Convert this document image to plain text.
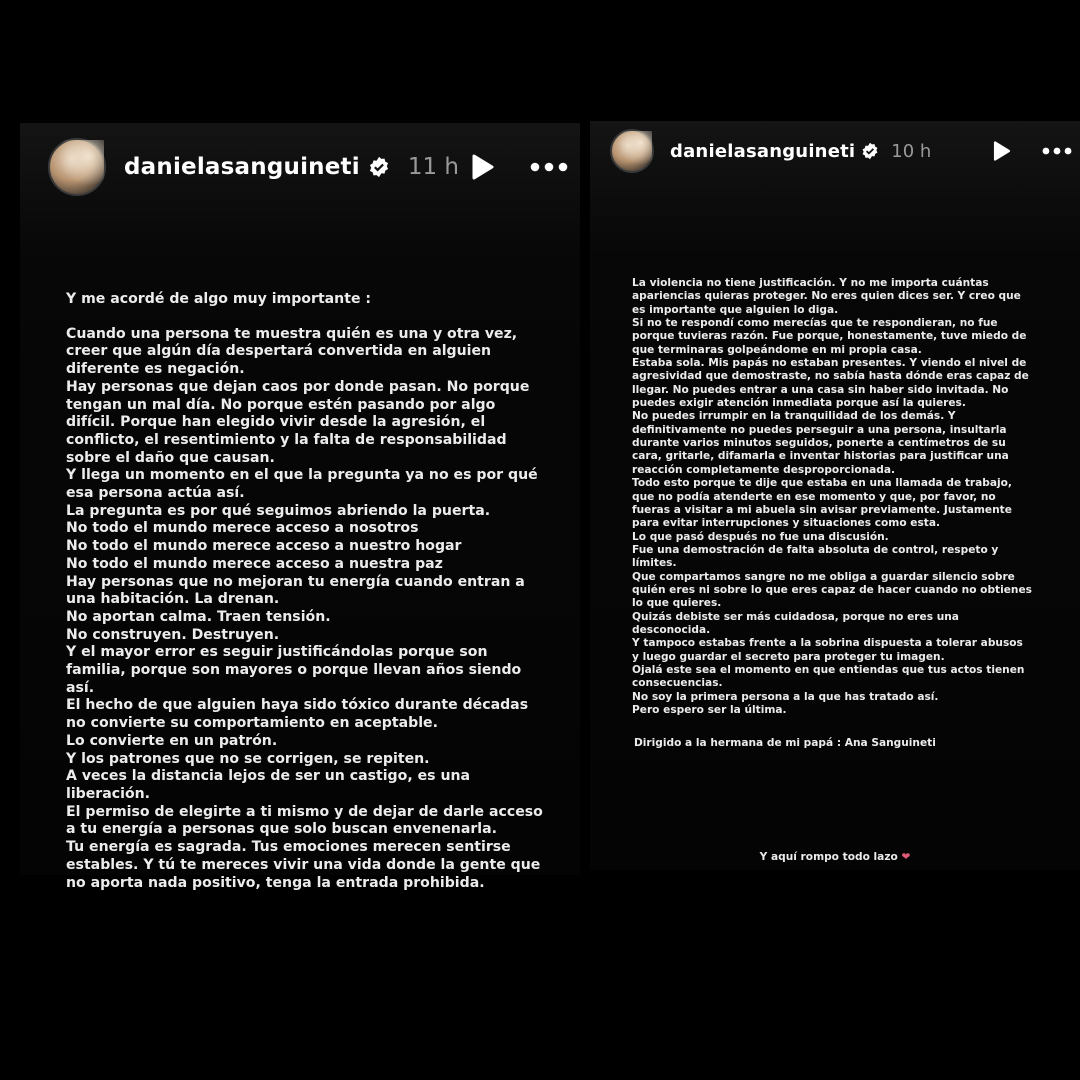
danielasanguineti 11 h
Y me acordé de algo muy importante :
Cuando una persona te muestra quién es una y otra vez, creer que algún día despertará convertida en alguien diferente es negación.
Hay personas que dejan caos por donde pasan. No porque tengan un mal día. No porque estén pasando por algo difícil. Porque han elegido vivir desde la agresión, el conflicto, el resentimiento y la falta de responsabilidad sobre el daño que causan.
Y llega un momento en el que la pregunta ya no es por qué esa persona actúa así.
La pregunta es por qué seguimos abriendo la puerta.
No todo el mundo merece acceso a nosotros
No todo el mundo merece acceso a nuestro hogar
No todo el mundo merece acceso a nuestra paz
Hay personas que no mejoran tu energía cuando entran a una habitación. La drenan.
No aportan calma. Traen tensión.
No construyen. Destruyen.
Y el mayor error es seguir justificándolas porque son familia, porque son mayores o porque llevan años siendo así.
El hecho de que alguien haya sido tóxico durante décadas no convierte su comportamiento en aceptable.
Lo convierte en un patrón.
Y los patrones que no se corrigen, se repiten.
A veces la distancia lejos de ser un castigo, es una liberación.
El permiso de elegirte a ti mismo y de dejar de darle acceso a tu energía a personas que solo buscan envenenarla.
Tu energía es sagrada. Tus emociones merecen sentirse estables. Y tú te mereces vivir una vida donde la gente que no aporta nada positivo, tenga la entrada prohibida.
danielasanguineti 10 h
La violencia no tiene justificación. Y no me importa cuántas apariencias quieras proteger. No eres quien dices ser. Y creo que es importante que alguien lo diga.
Si no te respondí como merecías que te respondieran, no fue porque tuvieras razón. Fue porque, honestamente, tuve miedo de que terminaras golpeándome en mi propia casa.
Estaba sola. Mis papás no estaban presentes. Y viendo el nivel de agresividad que demostraste, no sabía hasta dónde eras capaz de llegar. No puedes entrar a una casa sin haber sido invitada. No puedes exigir atención inmediata porque así la quieres.
No puedes irrumpir en la tranquilidad de los demás. Y definitivamente no puedes perseguir a una persona, insultarla durante varios minutos seguidos, ponerte a centímetros de su cara, gritarle, difamarla e inventar historias para justificar una reacción completamente desproporcionada.
Todo esto porque te dije que estaba en una llamada de trabajo, que no podía atenderte en ese momento y que, por favor, no fueras a visitar a mi abuela sin avisar previamente. Justamente para evitar interrupciones y situaciones como esta.
Lo que pasó después no fue una discusión.
Fue una demostración de falta absoluta de control, respeto y límites.
Que compartamos sangre no me obliga a guardar silencio sobre quién eres ni sobre lo que eres capaz de hacer cuando no obtienes lo que quieres.
Quizás debiste ser más cuidadosa, porque no eres una desconocida.
Y tampoco estabas frente a la sobrina dispuesta a tolerar abusos y luego guardar el secreto para proteger tu imagen.
Ojalá este sea el momento en que entiendas que tus actos tienen consecuencias.
No soy la primera persona a la que has tratado así.
Pero espero ser la última.
Dirigido a la hermana de mi papá : Ana Sanguineti
Y aquí rompo todo lazo ❤
